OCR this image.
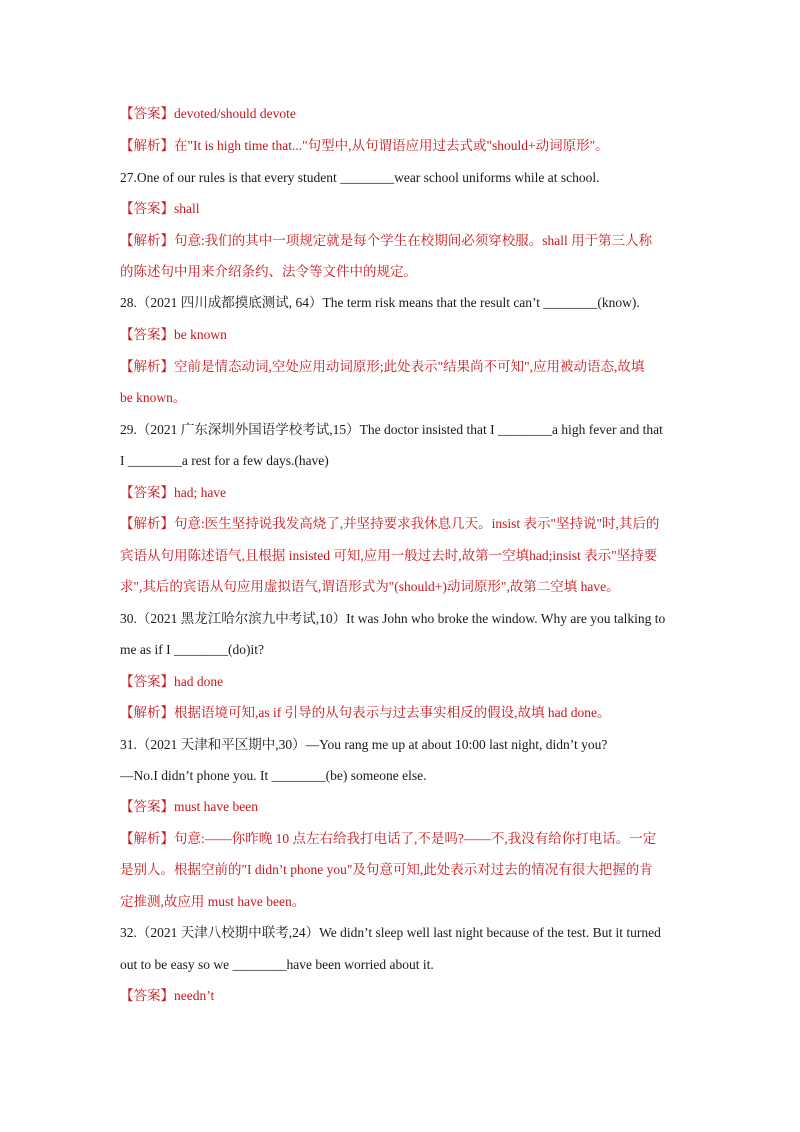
【答案】devoted/should devote
【解析】在"It is high time that..."句型中,从句谓语应用过去式或"should+动词原形"。
27.One of our rules is that every student ________wear school uniforms while at school.
【答案】shall
【解析】句意:我们的其中一项规定就是每个学生在校期间必须穿校服。shall 用于第三人称
的陈述句中用来介绍条约、法令等文件中的规定。
28.（2021 四川成都摸底测试, 64）The term risk means that the result can’t ________(know).
【答案】be known
【解析】空前是情态动词,空处应用动词原形;此处表示"结果尚不可知",应用被动语态,故填
be known。
29.（2021 广东深圳外国语学校考试,15）The doctor insisted that I ________a high fever and that
I ________a rest for a few days.(have)
【答案】had; have
【解析】句意:医生坚持说我发高烧了,并坚持要求我休息几天。insist 表示"坚持说"时,其后的
宾语从句用陈述语气,且根据 insisted 可知,应用一般过去时,故第一空填had;insist 表示"坚持要
求",其后的宾语从句应用虚拟语气,谓语形式为"(should+)动词原形",故第二空填 have。
30.（2021 黑龙江哈尔滨九中考试,10）It was John who broke the window. Why are you talking to
me as if I ________(do)it?
【答案】had done
【解析】根据语境可知,as if 引导的从句表示与过去事实相反的假设,故填 had done。
31.（2021 天津和平区期中,30）—You rang me up at about 10:00 last night, didn’t you?
—No.I didn’t phone you. It ________(be) someone else.
【答案】must have been
【解析】句意:——你昨晚 10 点左右给我打电话了,不是吗?——不,我没有给你打电话。一定
是别人。根据空前的"I didn’t phone you"及句意可知,此处表示对过去的情况有很大把握的肯
定推测,故应用 must have been。
32.（2021 天津八校期中联考,24）We didn’t sleep well last night because of the test. But it turned
out to be easy so we ________have been worried about it.
【答案】needn’t
